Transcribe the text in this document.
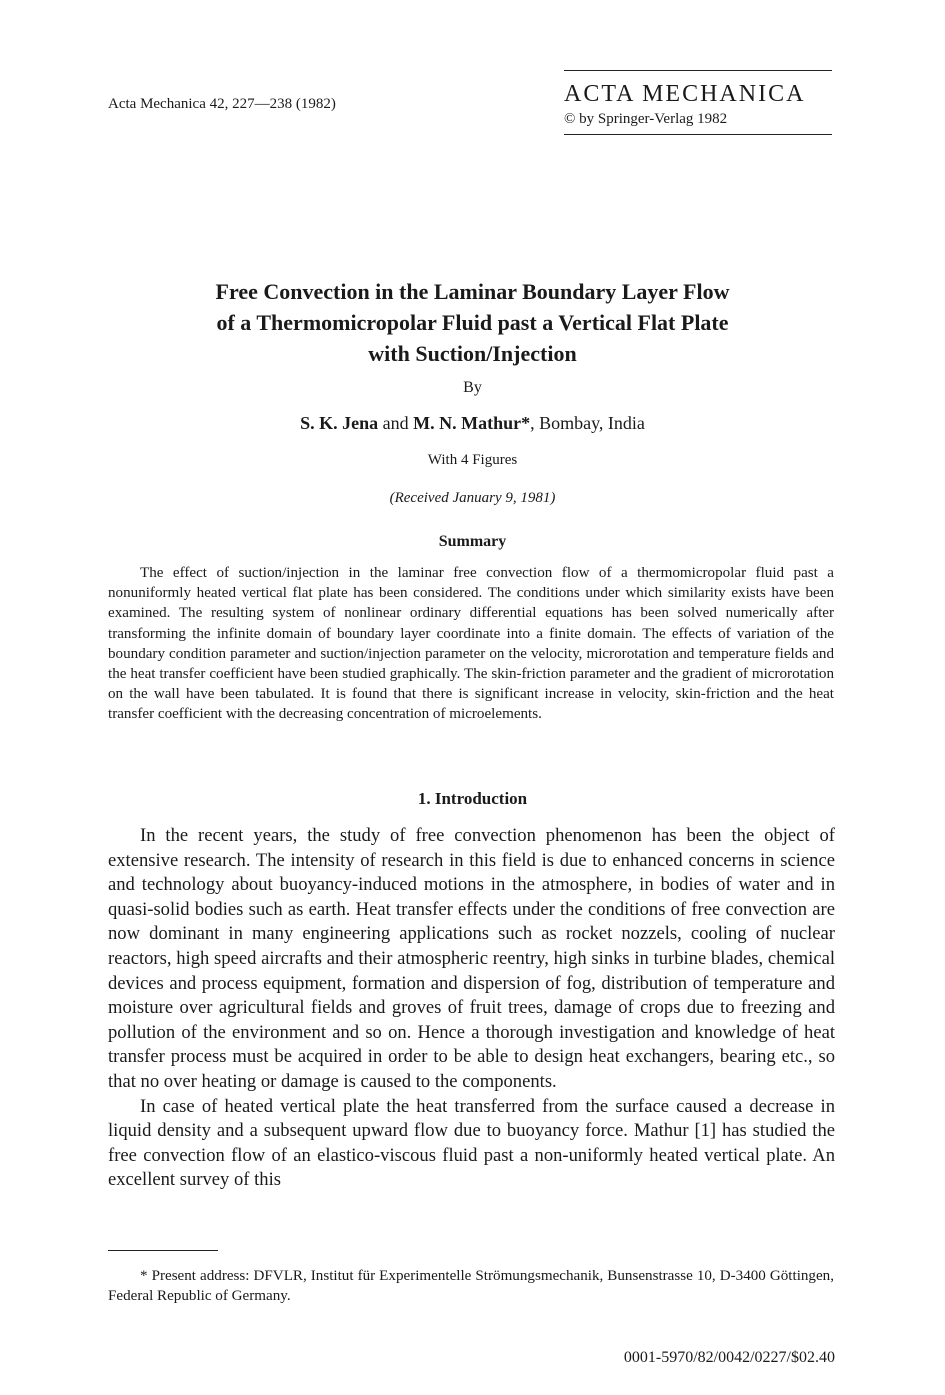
Acta Mechanica 42, 227—238 (1982)	ACTA MECHANICA
© by Springer-Verlag 1982
Free Convection in the Laminar Boundary Layer Flow
of a Thermomicropolar Fluid past a Vertical Flat Plate
with Suction/Injection
By
S. K. Jena and M. N. Mathur*, Bombay, India
With 4 Figures
(Received January 9, 1981)
Summary
The effect of suction/injection in the laminar free convection flow of a thermomicropolar fluid past a nonuniformly heated vertical flat plate has been considered. The conditions under which similarity exists have been examined. The resulting system of nonlinear ordinary differential equations has been solved numerically after transforming the infinite domain of boundary layer coordinate into a finite domain. The effects of variation of the boundary condition parameter and suction/injection parameter on the velocity, microrotation and temperature fields and the heat transfer coefficient have been studied graphically. The skin-friction parameter and the gradient of microrotation on the wall have been tabulated. It is found that there is significant increase in velocity, skin-friction and the heat transfer coefficient with the decreasing concentration of microelements.
1. Introduction

In the recent years, the study of free convection phenomenon has been the object of extensive research. The intensity of research in this field is due to enhanced concerns in science and technology about buoyancy-induced motions in the atmosphere, in bodies of water and in quasi-solid bodies such as earth. Heat transfer effects under the conditions of free convection are now dominant in many engineering applications such as rocket nozzels, cooling of nuclear reactors, high speed aircrafts and their atmospheric reentry, high sinks in turbine blades, chemical devices and process equipment, formation and dispersion of fog, distribution of temperature and moisture over agricultural fields and groves of fruit trees, damage of crops due to freezing and pollution of the environment and so on. Hence a thorough investigation and knowledge of heat transfer process must be acquired in order to be able to design heat exchangers, bearing etc., so that no over heating or damage is caused to the components.

In case of heated vertical plate the heat transferred from the surface caused a decrease in liquid density and a subsequent upward flow due to buoyancy force. Mathur [1] has studied the free convection flow of an elastico-viscous fluid past a non-uniformly heated vertical plate. An excellent survey of this

* Present address: DFVLR, Institut für Experimentelle Strömungsmechanik, Bunsenstrasse 10, D-3400 Göttingen, Federal Republic of Germany.
0001-5970/82/0042/0227/$02.40
